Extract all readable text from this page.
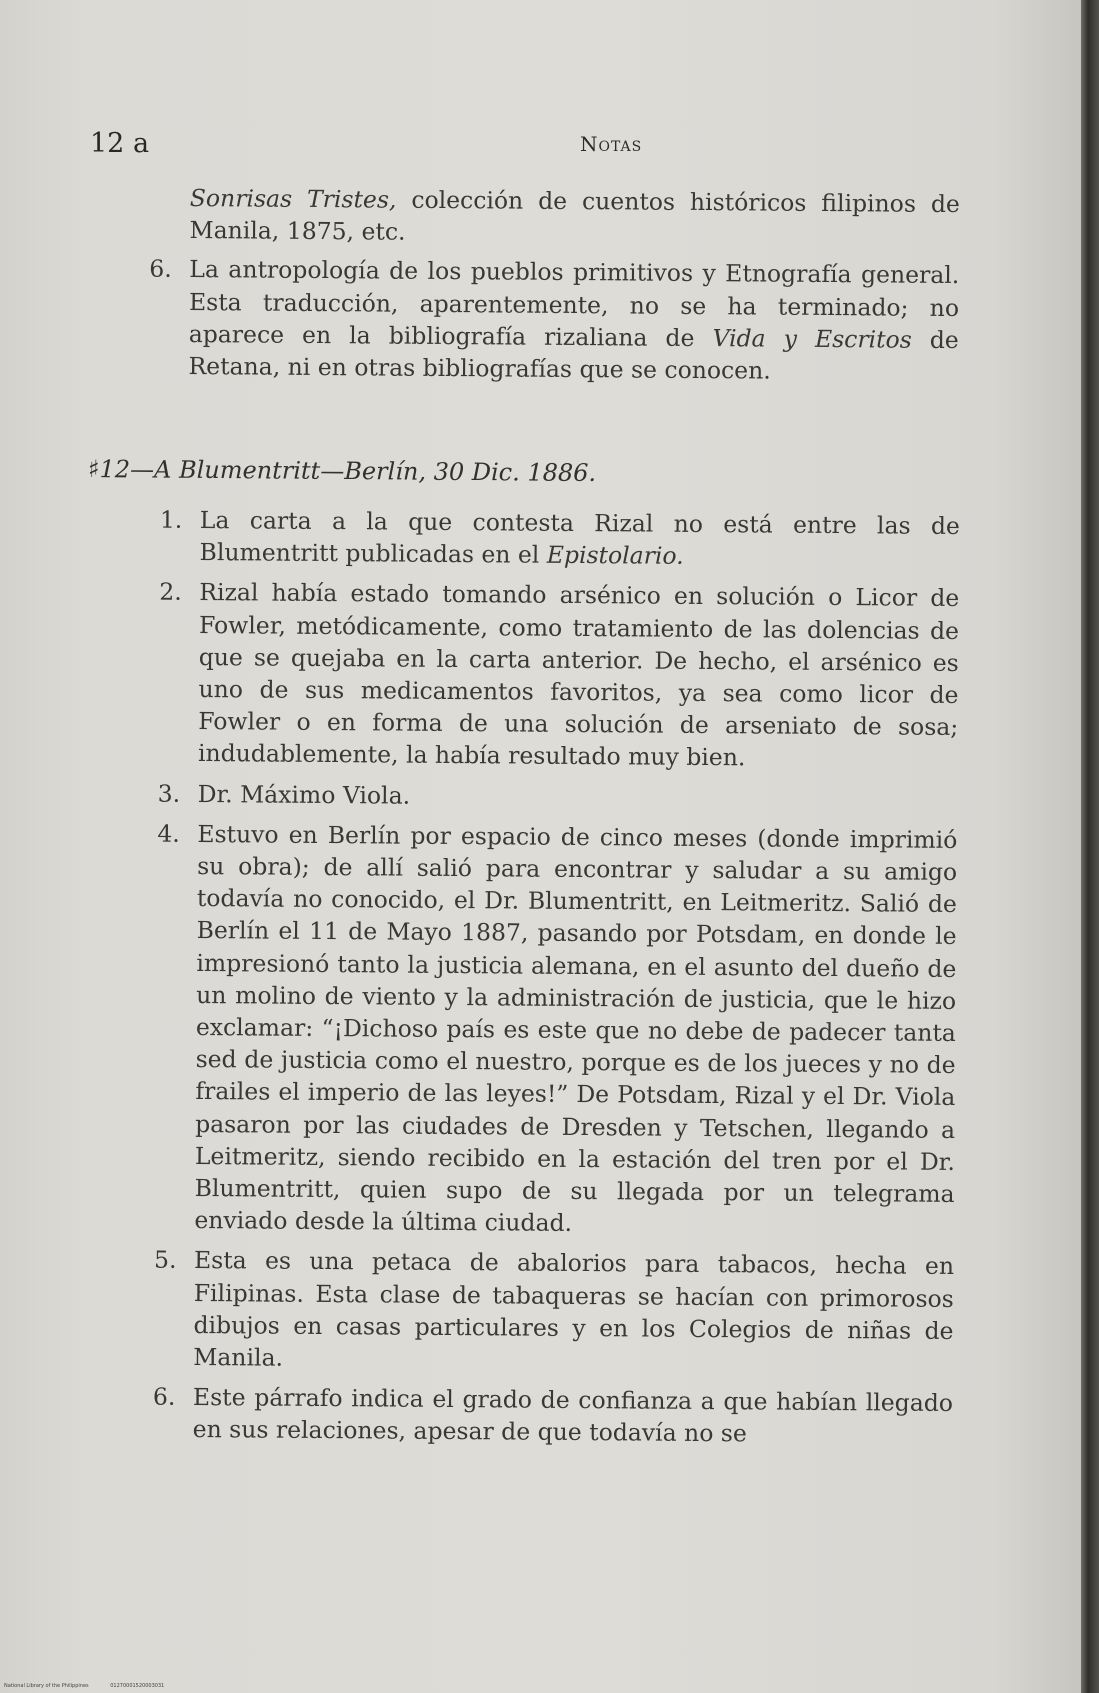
12 a	Notas

Sonrisas Tristes, colección de cuentos históricos filipinos de Manila, 1875, etc.

6. La antropología de los pueblos primitivos y Etnografía general. Esta traducción, aparentemente, no se ha terminado; no aparece en la bibliografía rizaliana de Vida y Escritos de Retana, ni en otras bibliografías que se conocen.

♯12—A Blumentritt—Berlín, 30 Dic. 1886.

1. La carta a la que contesta Rizal no está entre las de Blumentritt publicadas en el Epistolario.

2. Rizal había estado tomando arsénico en solución o Licor de Fowler, metódicamente, como tratamiento de las dolencias de que se quejaba en la carta anterior. De hecho, el arsénico es uno de sus medicamentos favoritos, ya sea como licor de Fowler o en forma de una solución de arseniato de sosa; indudablemente, la había resultado muy bien.

3. Dr. Máximo Viola.

4. Estuvo en Berlín por espacio de cinco meses (donde imprimió su obra); de allí salió para encontrar y saludar a su amigo todavía no conocido, el Dr. Blumentritt, en Leitmeritz. Salió de Berlín el 11 de Mayo 1887, pasando por Potsdam, en donde le impresionó tanto la justicia alemana, en el asunto del dueño de un molino de viento y la administración de justicia, que le hizo exclamar: “¡Dichoso país es este que no debe de padecer tanta sed de justicia como el nuestro, porque es de los jueces y no de frailes el imperio de las leyes!” De Potsdam, Rizal y el Dr. Viola pasaron por las ciudades de Dresden y Tetschen, llegando a Leitmeritz, siendo recibido en la estación del tren por el Dr. Blumentritt, quien supo de su llegada por un telegrama enviado desde la última ciudad.

5. Esta es una petaca de abalorios para tabacos, hecha en Filipinas. Esta clase de tabaqueras se hacían con primorosos dibujos en casas particulares y en los Colegios de niñas de Manila.

6. Este párrafo indica el grado de confianza a que habían llegado en sus relaciones, apesar de que todavía no se

National Library of the Philippines	01270001520003031
